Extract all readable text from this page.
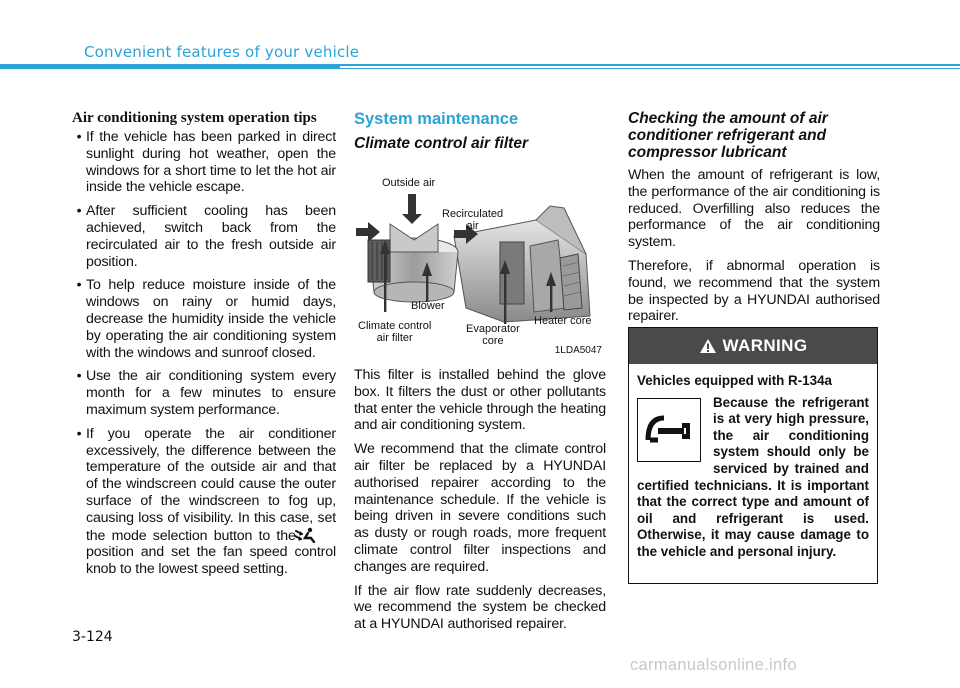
Convenient features of your vehicle
Air conditioning system operation tips
• If the vehicle has been parked in direct sunlight during hot weather, open the windows for a short time to let the hot air inside the vehicle escape.
• After sufficient cooling has been achieved, switch back from the recirculated air to the fresh outside air position.
• To help reduce moisture inside of the windows on rainy or humid days, decrease the humidity inside the vehicle by operating the air conditioning system with the windows and sunroof closed.
• Use the air conditioning system every month for a few minutes to ensure maximum system performance.
• If you operate the air conditioner excessively, the difference between the temperature of the outside air and that of the windscreen could cause the outer surface of the windscreen to fog up, causing loss of visibility. In this case, set the mode selection button to the  position and set the fan speed control knob to the lowest speed setting.
System maintenance
Climate control air filter
Outside air
Recirculated
air
Blower
Climate control
air filter
Evaporator
core
Heater core
1LDA5047

This filter is installed behind the glove box. It filters the dust or other pollutants that enter the vehicle through the heating and air conditioning system.

We recommend that the climate control air filter be replaced by a HYUNDAI authorised repairer according to the maintenance schedule. If the vehicle is being driven in severe conditions such as dusty or rough roads, more frequent climate control filter inspections and changes are required.

If the air flow rate suddenly decreases, we recommend the system be checked at a HYUNDAI authorised repairer.

Checking the amount of air conditioner refrigerant and compressor lubricant

When the amount of refrigerant is low, the performance of the air conditioning is reduced. Overfilling also reduces the performance of the air conditioning system.

Therefore, if abnormal operation is found, we recommend that the system be inspected by a HYUNDAI authorised repairer.

WARNING
Vehicles equipped with R-134a

Because the refrigerant is at very high pressure, the air conditioning system should only be serviced by trained and certified technicians. It is important that the correct type and amount of oil and refrigerant is used. Otherwise, it may cause damage to the vehicle and personal injury.

3-124
carmanualsonline.info
